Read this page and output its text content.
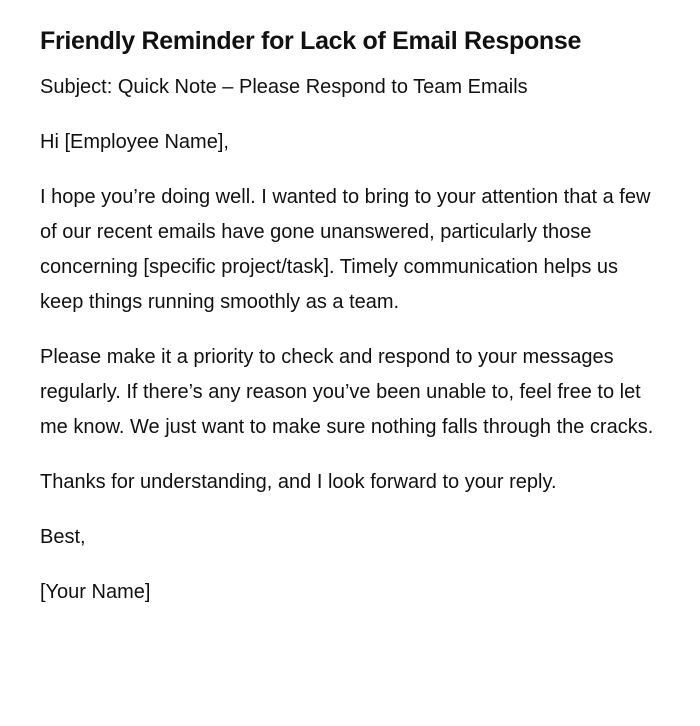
Friendly Reminder for Lack of Email Response

Subject: Quick Note – Please Respond to Team Emails

Hi [Employee Name],

I hope you’re doing well. I wanted to bring to your attention that a few of our recent emails have gone unanswered, particularly those concerning [specific project/task]. Timely communication helps us keep things running smoothly as a team.

Please make it a priority to check and respond to your messages regularly. If there’s any reason you’ve been unable to, feel free to let me know. We just want to make sure nothing falls through the cracks.

Thanks for understanding, and I look forward to your reply.

Best,

[Your Name]
